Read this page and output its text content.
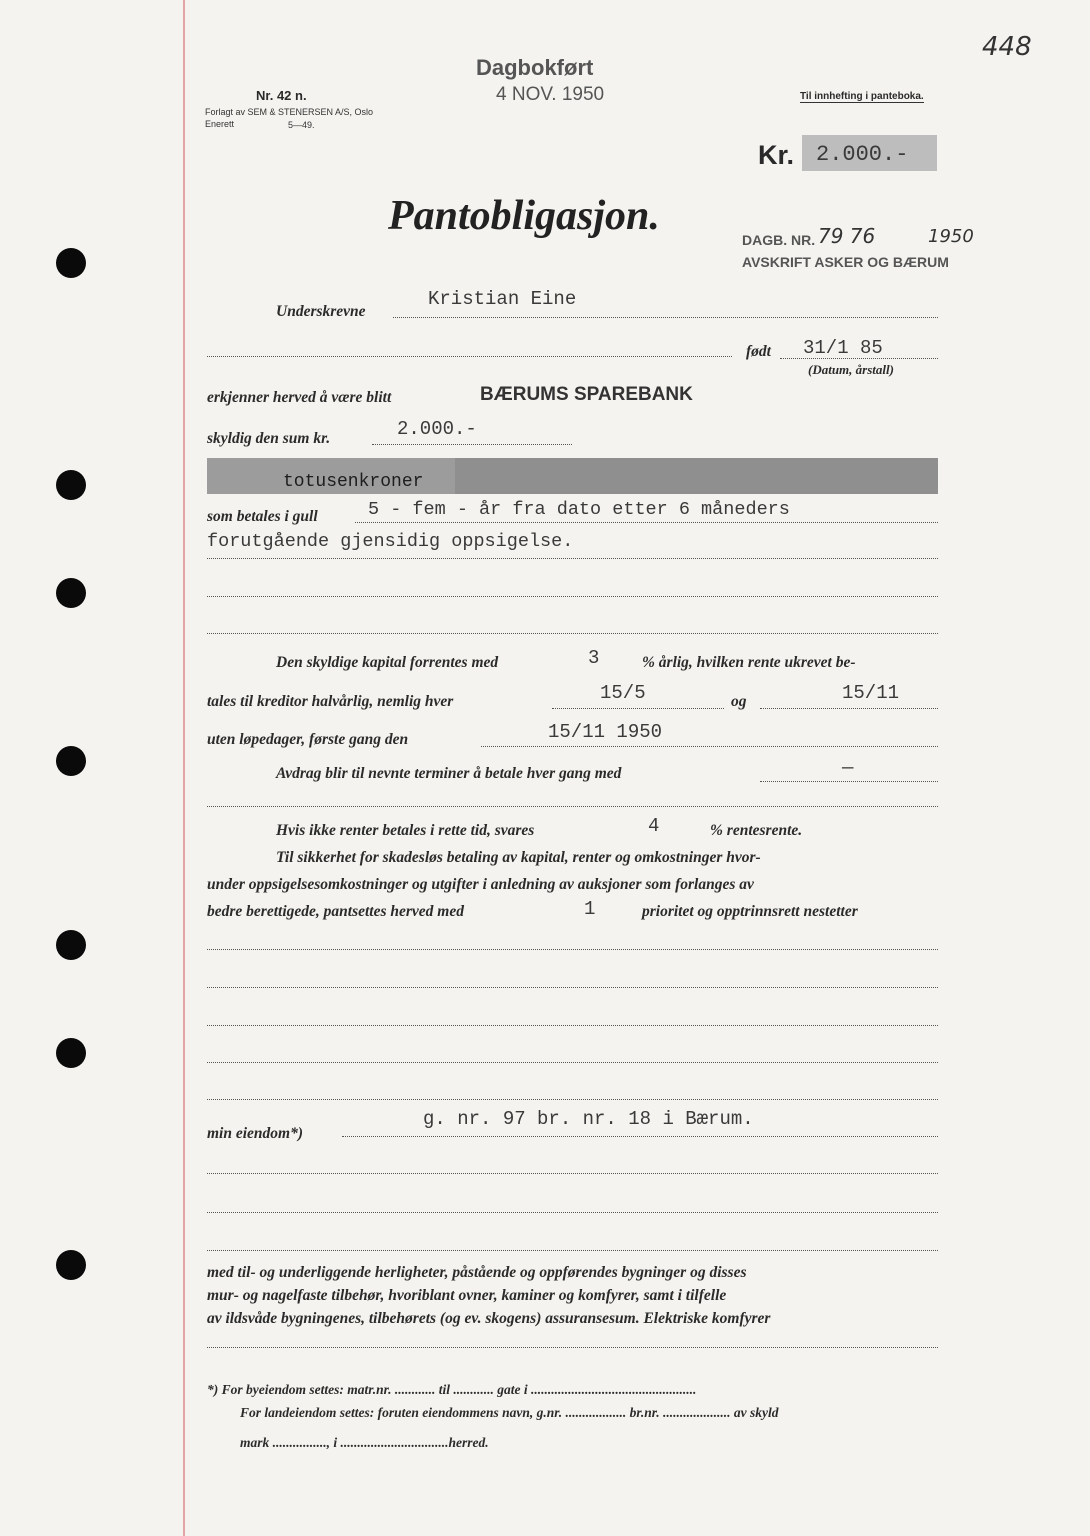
448
Dagbokført
4 NOV. 1950
Nr. 42 n.
Forlagt av SEM & STENERSEN A/S, Oslo
Enerett	5—49.
Til innhefting i panteboka.
Kr. 2.000.-
Pantobligasjon.
DAGB. NR. 79 76	1950
AVSKRIFT ASKER OG BÆRUM
Underskrevne
Kristian Eine
født 31/1 85
(Datum, årstall)
erkjenner herved å være blitt	BÆRUMS SPAREBANK
skyldig den sum kr.	2.000.-
totusenkroner
som betales i gull	5 - fem - år fra dato etter 6 måneders
forutgående gjensidig oppsigelse.
Den skyldige kapital forrentes med	3	% årlig, hvilken rente ukrevet be-
tales til kreditor halvårlig, nemlig hver	15/5	og	15/11
uten løpedager, første gang den	15/11 1950
Avdrag blir til nevnte terminer å betale hver gang med	—
Hvis ikke renter betales i rette tid, svares	4	% rentesrente.
Til sikkerhet for skadesløs betaling av kapital, renter og omkostninger hvor-
under oppsigelsesomkostninger og utgifter i anledning av auksjoner som forlanges av
bedre berettigede, pantsettes herved med	1	prioritet og opptrinnsrett nestetter
g. nr. 97 br. nr. 18 i Bærum.
min eiendom*)
med til- og underliggende herligheter, påstående og oppførendes bygninger og disses
mur- og nagelfaste tilbehør, hvoriblant ovner, kaminer og komfyrer, samt i tilfelle
av ildsvåde bygningenes, tilbehørets (og ev. skogens) assuransesum. Elektriske komfyrer
*) For byeiendom settes: matr.nr. ............ til ............ gate i .................................................
For landeiendom settes: foruten eiendommens navn, g.nr. .................. br.nr. .................... av skyld
mark ................, i ................................herred.
